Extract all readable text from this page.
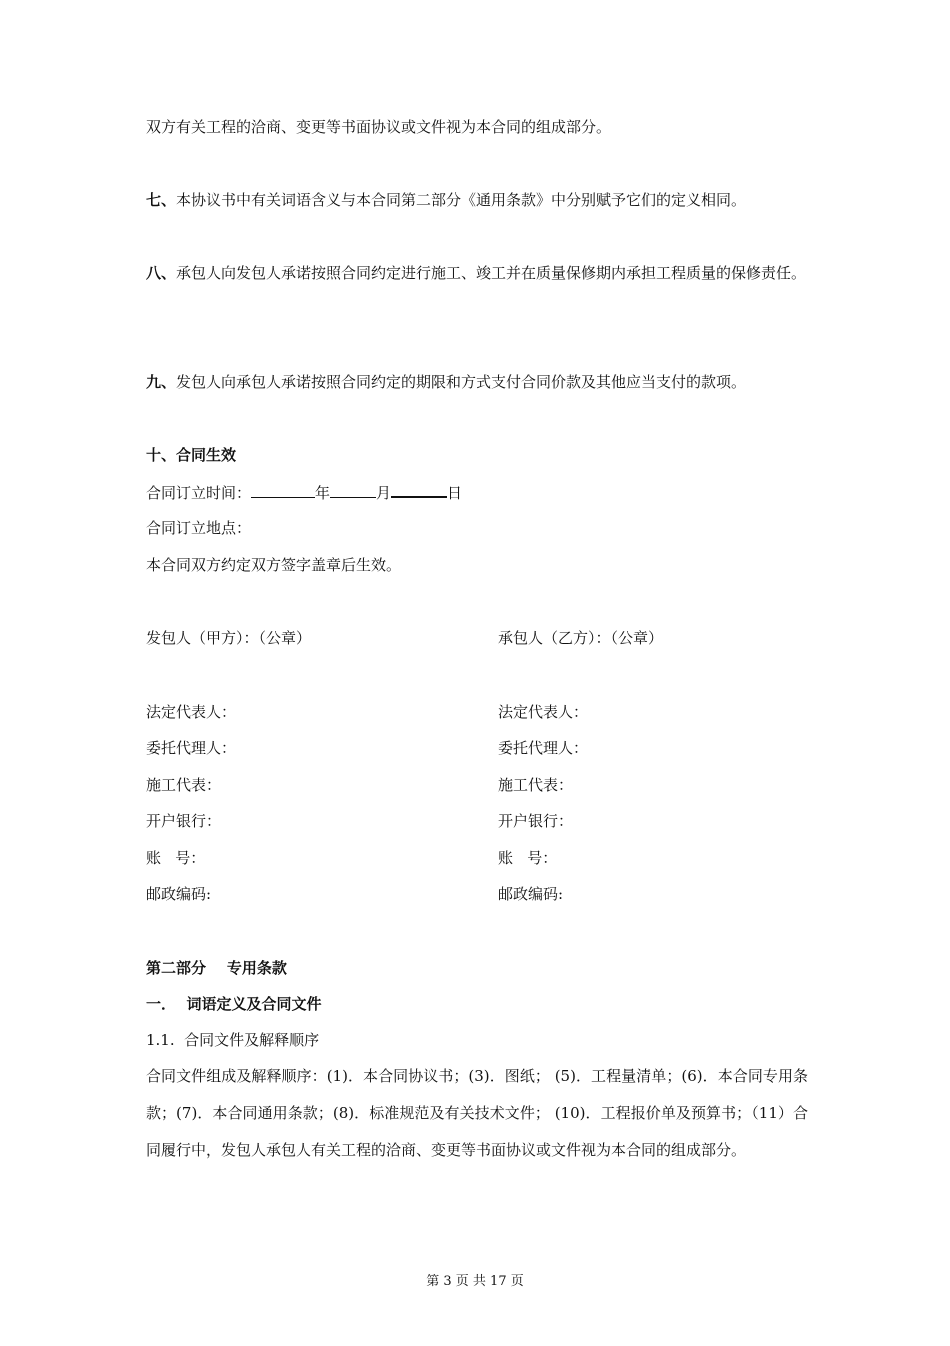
双方有关工程的洽商、变更等书面协议或文件视为本合同的组成部分。
七、本协议书中有关词语含义与本合同第二部分《通用条款》中分别赋予它们的定义相同。
八、承包人向发包人承诺按照合同约定进行施工、竣工并在质量保修期内承担工程质量的保修责任。
九、发包人向承包人承诺按照合同约定的期限和方式支付合同价款及其他应当支付的款项。
十、合同生效
合同订立时间：	年	月	日
合同订立地点：
本合同双方约定双方签字盖章后生效。
发包人（甲方）：（公章）	承包人（乙方）：（公章）
法定代表人：	法定代表人：
委托代理人：	委托代理人：
施工代表：	施工代表：
开户银行：	开户银行：
账   号：	账   号：
邮政编码:	邮政编码:
第二部分    专用条款
一．  词语定义及合同文件
1.1.  合同文件及解释顺序
合同文件组成及解释顺序：(1)．本合同协议书；(3)．图纸； (5)．工程量清单；(6)．本合同专用条款；(7)．本合同通用条款；(8)．标准规范及有关技术文件； (10)．工程报价单及预算书；（11）合同履行中，发包人承包人有关工程的洽商、变更等书面协议或文件视为本合同的组成部分。
第 3 页 共 17 页
